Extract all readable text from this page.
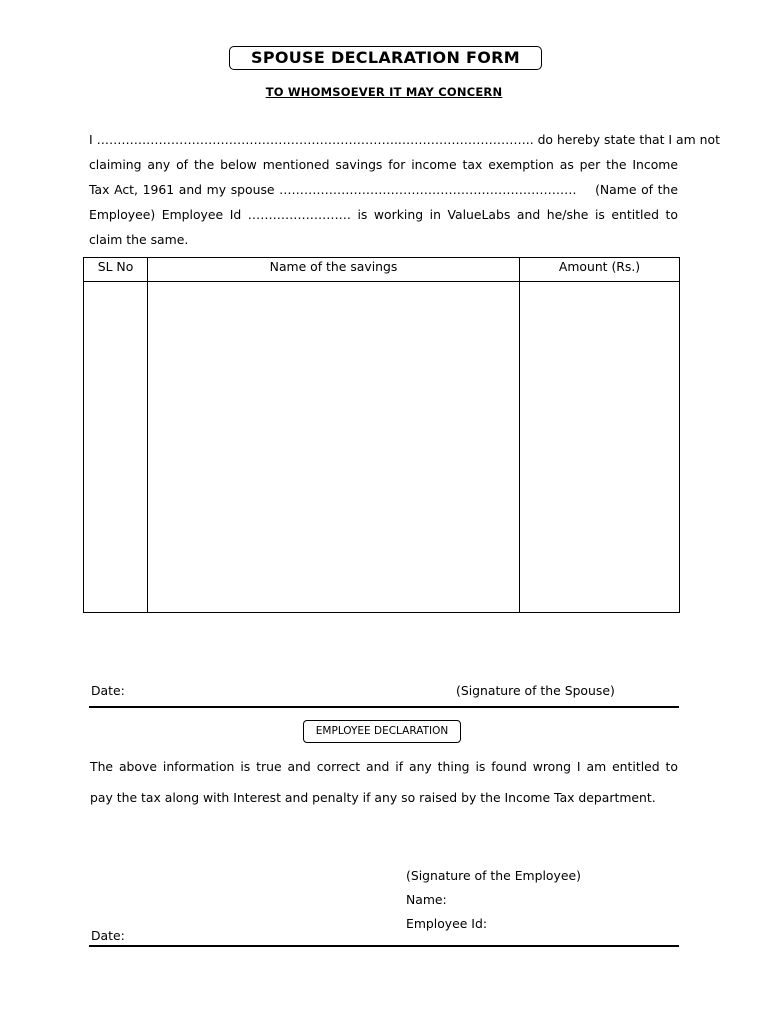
SPOUSE DECLARATION FORM
TO WHOMSOEVER IT MAY CONCERN
I ………………………………………………………………..………………………….. do hereby state that I am not
claiming any of the below mentioned savings for income tax exemption as per the Income
Tax Act, 1961 and my spouse ………………………………………………………………    (Name of the
Employee) Employee Id ……………………. is working in ValueLabs and he/she is entitled to
claim the same.
SL No	Name of the savings	Amount (Rs.)

Date:	(Signature of the Spouse)
EMPLOYEE DECLARATION
The above information is true and correct and if any thing is found wrong I am entitled to
pay the tax along with Interest and penalty if any so raised by the Income Tax department.
(Signature of the Employee)
Name:
Employee Id:
Date:
